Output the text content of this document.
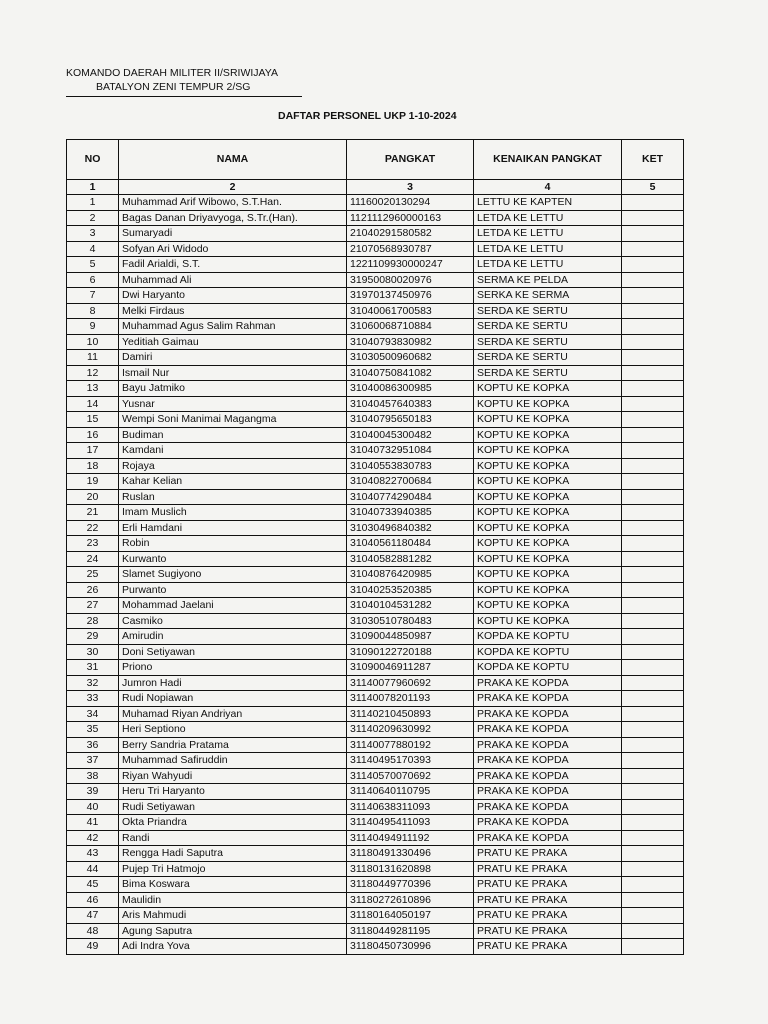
KOMANDO DAERAH MILITER II/SRIWIJAYA
BATALYON ZENI TEMPUR 2/SG
DAFTAR PERSONEL UKP 1-10-2024
NO	NAMA	PANGKAT	KENAIKAN PANGKAT	KET
1	2	3	4	5
1	Muhammad Arif Wibowo, S.T.Han.	11160020130294	LETTU KE KAPTEN	
2	Bagas Danan Driyavyoga, S.Tr.(Han).	1121112960000163	LETDA KE LETTU	
3	Sumaryadi	21040291580582	LETDA KE LETTU	
4	Sofyan Ari Widodo	21070568930787	LETDA KE LETTU	
5	Fadil Arialdi, S.T.	1221109930000247	LETDA KE LETTU	
6	Muhammad Ali	31950080020976	SERMA KE PELDA	
7	Dwi Haryanto	31970137450976	SERKA KE SERMA	
8	Melki Firdaus	31040061700583	SERDA KE SERTU	
9	Muhammad Agus Salim Rahman	31060068710884	SERDA KE SERTU	
10	Yeditiah Gaimau	31040793830982	SERDA KE SERTU	
11	Damiri	31030500960682	SERDA KE SERTU	
12	Ismail Nur	31040750841082	SERDA KE SERTU	
13	Bayu Jatmiko	31040086300985	KOPTU KE KOPKA	
14	Yusnar	31040457640383	KOPTU KE KOPKA	
15	Wempi Soni Manimai Magangma	31040795650183	KOPTU KE KOPKA	
16	Budiman	31040045300482	KOPTU KE KOPKA	
17	Kamdani	31040732951084	KOPTU KE KOPKA	
18	Rojaya	31040553830783	KOPTU KE KOPKA	
19	Kahar Kelian	31040822700684	KOPTU KE KOPKA	
20	Ruslan	31040774290484	KOPTU KE KOPKA	
21	Imam Muslich	31040733940385	KOPTU KE KOPKA	
22	Erli Hamdani	31030496840382	KOPTU KE KOPKA	
23	Robin	31040561180484	KOPTU KE KOPKA	
24	Kurwanto	31040582881282	KOPTU KE KOPKA	
25	Slamet Sugiyono	31040876420985	KOPTU KE KOPKA	
26	Purwanto	31040253520385	KOPTU KE KOPKA	
27	Mohammad Jaelani	31040104531282	KOPTU KE KOPKA	
28	Casmiko	31030510780483	KOPTU KE KOPKA	
29	Amirudin	31090044850987	KOPDA KE KOPTU	
30	Doni Setiyawan	31090122720188	KOPDA KE KOPTU	
31	Priono	31090046911287	KOPDA KE KOPTU	
32	Jumron Hadi	31140077960692	PRAKA KE KOPDA	
33	Rudi Nopiawan	31140078201193	PRAKA KE KOPDA	
34	Muhamad Riyan Andriyan	31140210450893	PRAKA KE KOPDA	
35	Heri Septiono	31140209630992	PRAKA KE KOPDA	
36	Berry Sandria Pratama	31140077880192	PRAKA KE KOPDA	
37	Muhammad Safiruddin	31140495170393	PRAKA KE KOPDA	
38	Riyan Wahyudi	31140570070692	PRAKA KE KOPDA	
39	Heru Tri Haryanto	31140640110795	PRAKA KE KOPDA	
40	Rudi Setiyawan	31140638311093	PRAKA KE KOPDA	
41	Okta Priandra	31140495411093	PRAKA KE KOPDA	
42	Randi	31140494911192	PRAKA KE KOPDA	
43	Rengga Hadi Saputra	31180491330496	PRATU KE PRAKA	
44	Pujep Tri Hatmojo	31180131620898	PRATU KE PRAKA	
45	Bima Koswara	31180449770396	PRATU KE PRAKA	
46	Maulidin	31180272610896	PRATU KE PRAKA	
47	Aris Mahmudi	31180164050197	PRATU KE PRAKA	
48	Agung Saputra	31180449281195	PRATU KE PRAKA	
49	Adi Indra Yova	31180450730996	PRATU KE PRAKA	
